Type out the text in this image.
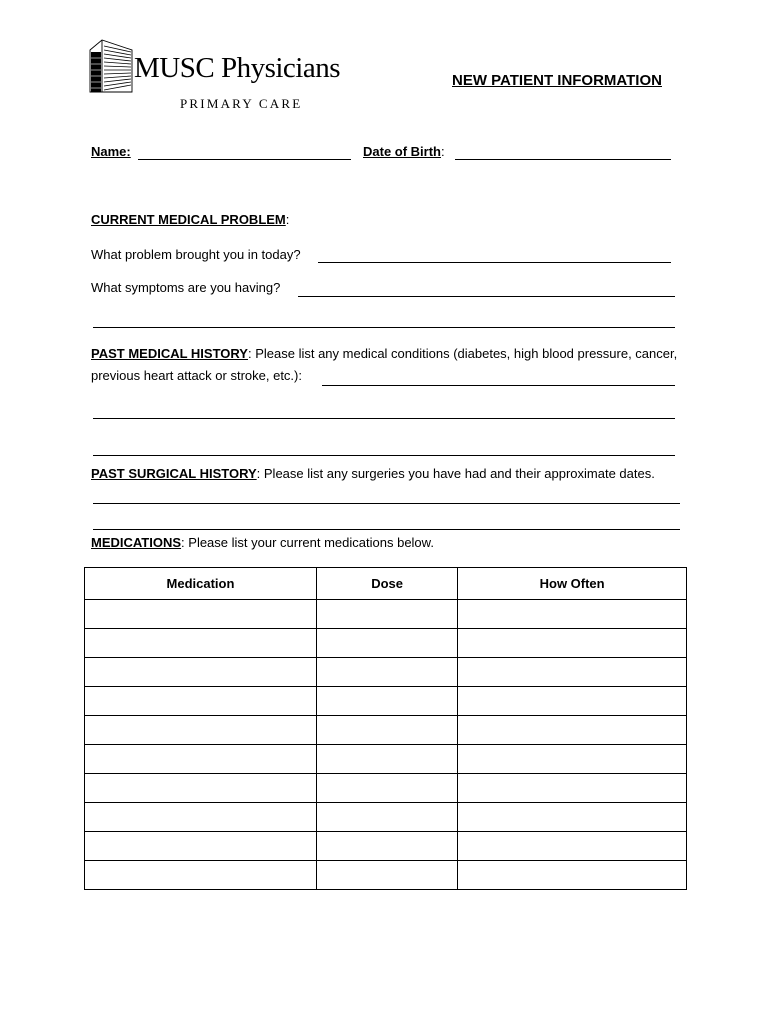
MUSC Physicians
PRIMARY CARE
NEW PATIENT INFORMATION
Name:	Date of Birth:
CURRENT MEDICAL PROBLEM:
What problem brought you in today?
What symptoms are you having?
PAST MEDICAL HISTORY: Please list any medical conditions (diabetes, high blood pressure, cancer,
previous heart attack or stroke, etc.):
PAST SURGICAL HISTORY: Please list any surgeries you have had and their approximate dates.
MEDICATIONS: Please list your current medications below.
Medication	Dose	How Often
